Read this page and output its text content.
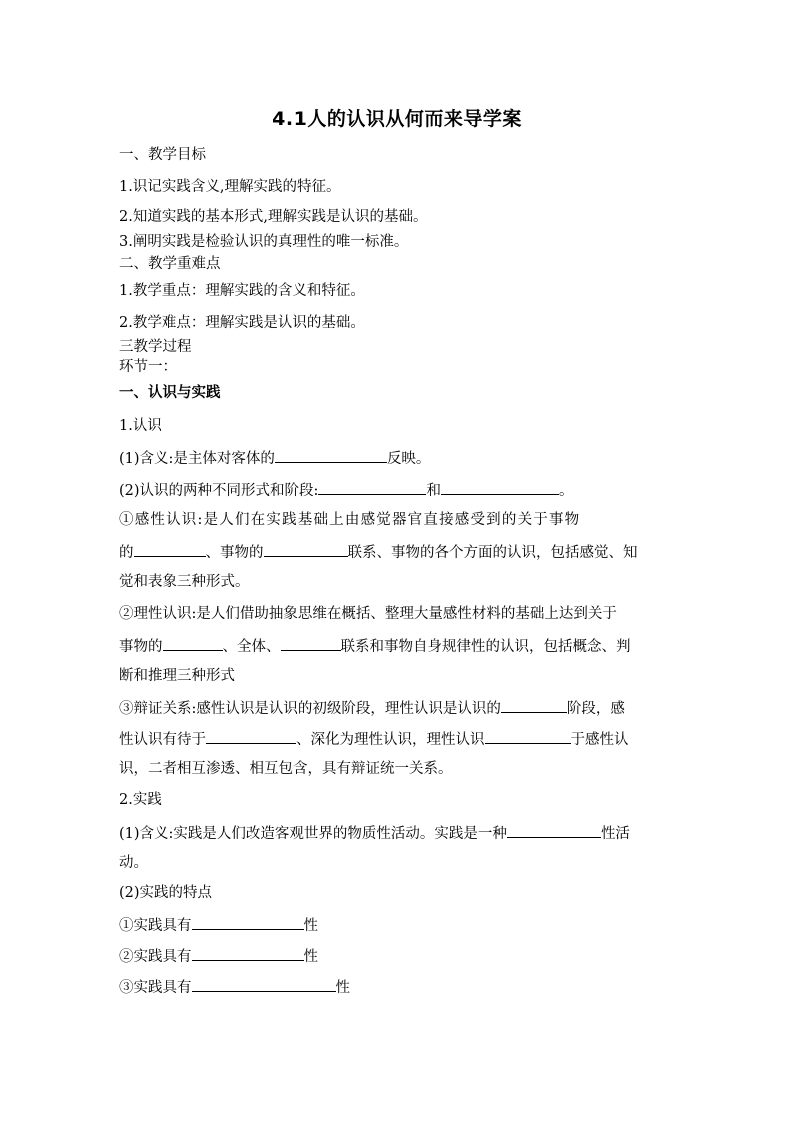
4.1人的认识从何而来导学案
一、教学目标
1.识记实践含义,理解实践的特征。
2.知道实践的基本形式,理解实践是认识的基础。
3.阐明实践是检验认识的真理性的唯一标准。
二、教学重难点
1.教学重点：理解实践的含义和特征。
2.教学难点：理解实践是认识的基础。
三教学过程
环节一：
一、认识与实践
1.认识
(1)含义:是主体对客体的	反映。
(2)认识的两种不同形式和阶段:	和	。
①感性认识:是人们在实践基础上由感觉器官直接感受到的关于事物
的	、事物的	联系、事物的各个方面的认识，包括感觉、知
觉和表象三种形式。
②理性认识:是人们借助抽象思维在概括、整理大量感性材料的基础上达到关于
事物的	、全体、	联系和事物自身规律性的认识，包括概念、判
断和推理三种形式
③辩证关系:感性认识是认识的初级阶段，理性认识是认识的	阶段，感
性认识有待于	、深化为理性认识，理性认识	于感性认
识，二者相互渗透、相互包含，具有辩证统一关系。
2.实践
(1)含义:实践是人们改造客观世界的物质性活动。实践是一种	性活
动。
(2)实践的特点
①实践具有	性
②实践具有	性
③实践具有	性
